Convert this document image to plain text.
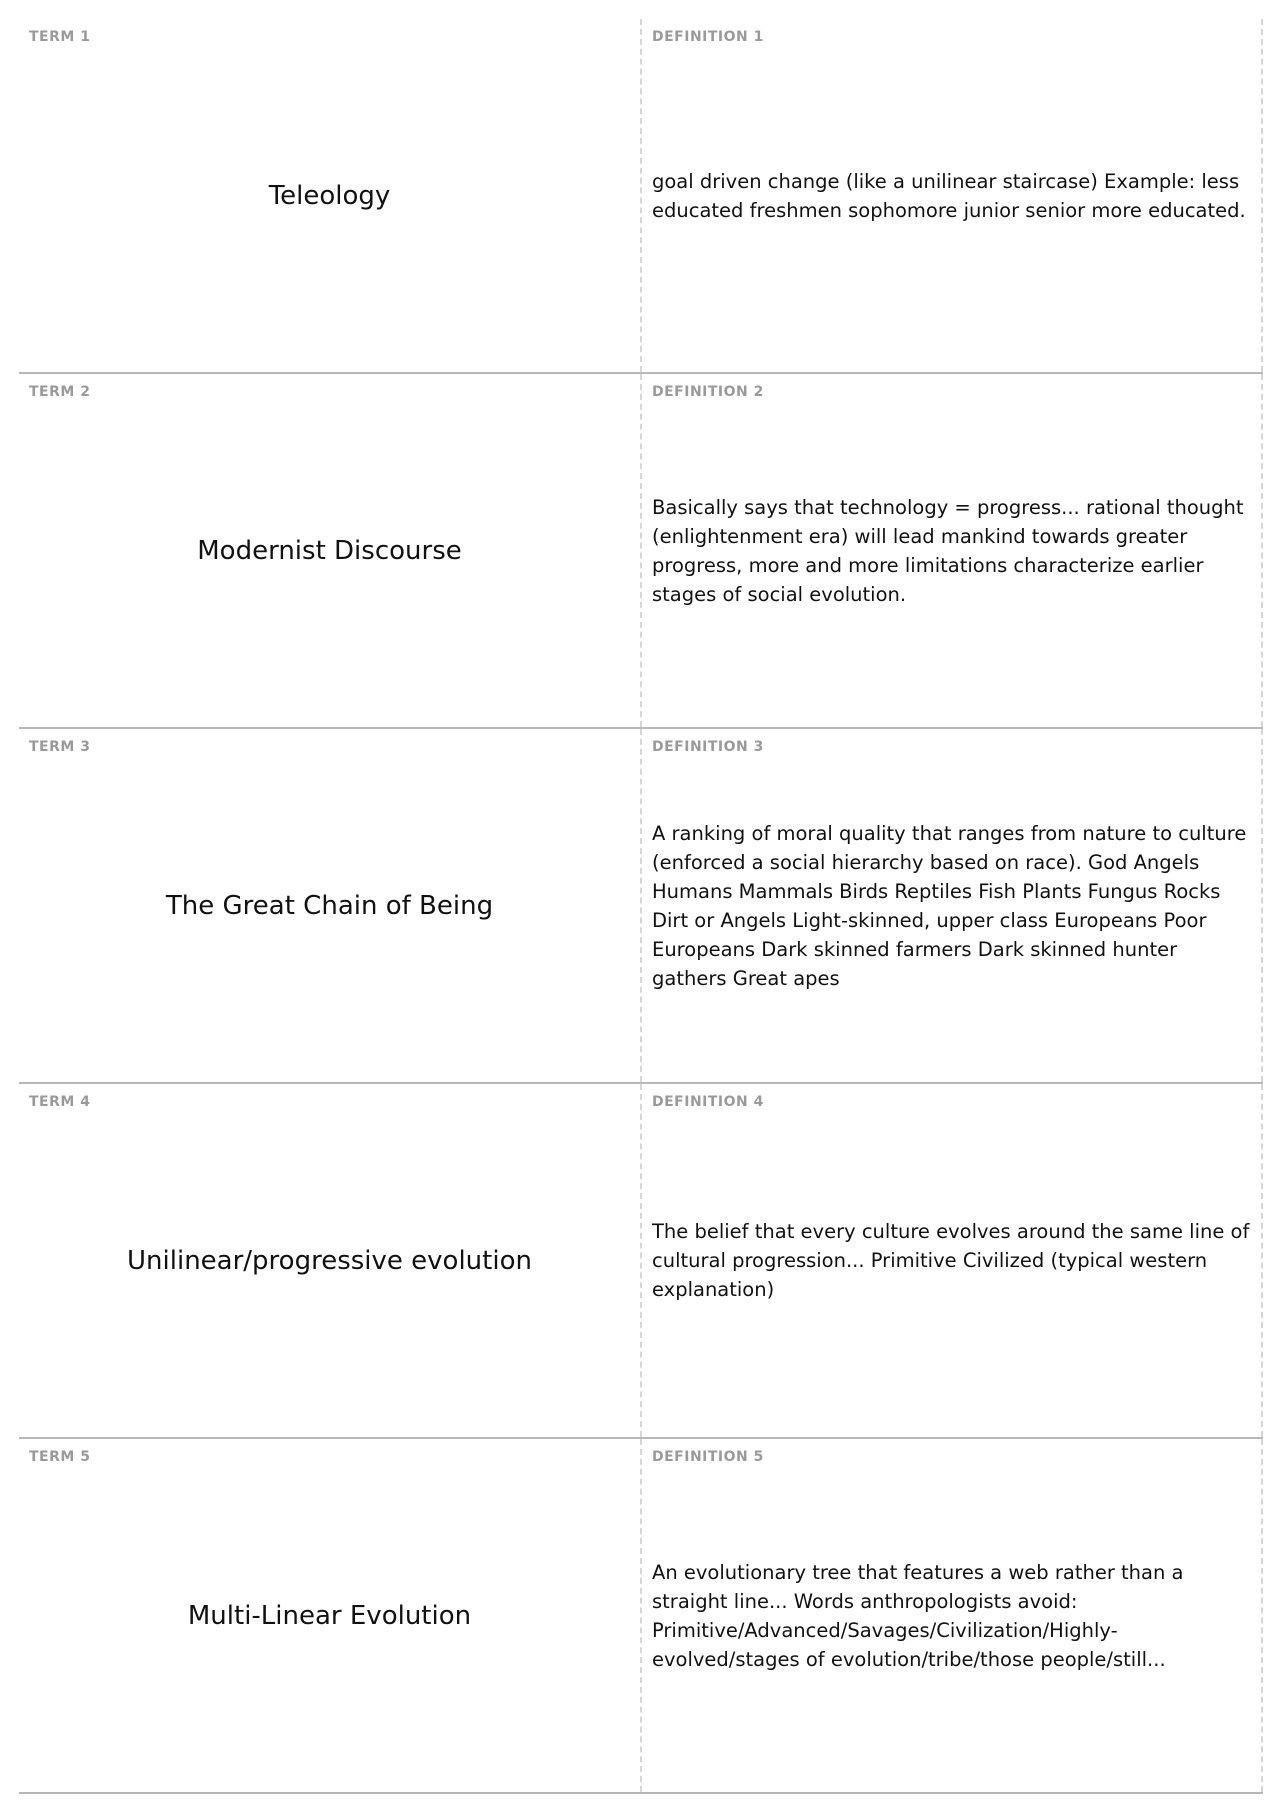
TERM 1
Teleology
DEFINITION 1
goal driven change (like a unilinear staircase) Example: less educated freshmen sophomore junior senior more educated.
TERM 2
Modernist Discourse
DEFINITION 2
Basically says that technology = progress... rational thought (enlightenment era) will lead mankind towards greater progress, more and more limitations characterize earlier stages of social evolution.
TERM 3
The Great Chain of Being
DEFINITION 3
A ranking of moral quality that ranges from nature to culture (enforced a social hierarchy based on race). God Angels Humans Mammals Birds Reptiles Fish Plants Fungus Rocks Dirt or Angels Light-skinned, upper class Europeans Poor Europeans Dark skinned farmers Dark skinned hunter gathers Great apes
TERM 4
Unilinear/progressive evolution
DEFINITION 4
The belief that every culture evolves around the same line of cultural progression... Primitive Civilized (typical western explanation)
TERM 5
Multi-Linear Evolution
DEFINITION 5
An evolutionary tree that features a web rather than a straight line... Words anthropologists avoid: Primitive/Advanced/Savages/Civilization/Highly-evolved/stages of evolution/tribe/those people/still...
